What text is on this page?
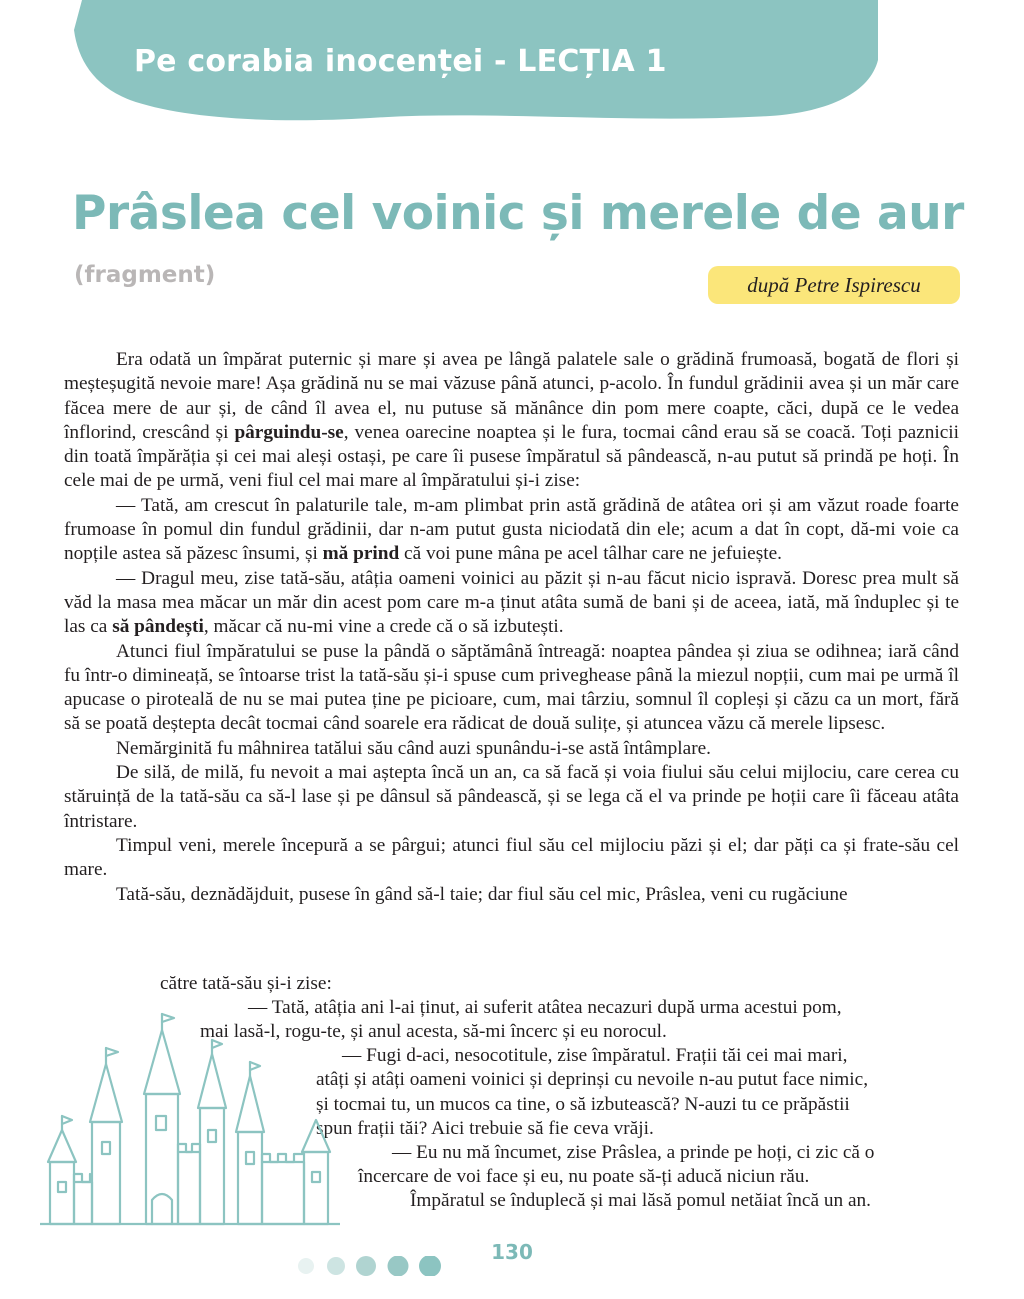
Pe corabia inocenței - LECȚIA 1
Prâslea cel voinic și merele de aur
(fragment)	după Petre Ispirescu

Era odată un împărat puternic și mare și avea pe lângă palatele sale o grădină frumoasă, bogată de flori și meșteșugită nevoie mare! Așa grădină nu se mai văzuse până atunci, p-acolo. În fundul grădinii avea și un măr care făcea mere de aur și, de când îl avea el, nu putuse să mănânce din pom mere coapte, căci, după ce le vedea înflorind, crescând și pârguindu-se, venea oarecine noaptea și le fura, tocmai când erau să se coacă. Toți paznicii din toată împărăția și cei mai aleși ostași, pe care îi pusese împăratul să pândească, n-au putut să prindă pe hoți. În cele mai de pe urmă, veni fiul cel mai mare al împăratului și-i zise:

— Tată, am crescut în palaturile tale, m-am plimbat prin astă grădină de atâtea ori și am văzut roade foarte frumoase în pomul din fundul grădinii, dar n-am putut gusta niciodată din ele; acum a dat în copt, dă-mi voie ca nopțile astea să păzesc însumi, și mă prind că voi pune mâna pe acel tâlhar care ne jefuiește.

— Dragul meu, zise tată-său, atâția oameni voinici au păzit și n-au făcut nicio ispravă. Doresc prea mult să văd la masa mea măcar un măr din acest pom care m-a ținut atâta sumă de bani și de aceea, iată, mă înduplec și te las ca să pândești, măcar că nu-mi vine a crede că o să izbutești.

Atunci fiul împăratului se puse la pândă o săptămână întreagă: noaptea pândea și ziua se odihnea; iară când fu într-o dimineață, se întoarse trist la tată-său și-i spuse cum priveghease până la miezul nopții, cum mai pe urmă îl apucase o piroteală de nu se mai putea ține pe picioare, cum, mai târziu, somnul îl copleși și căzu ca un mort, fără să se poată deștepta decât tocmai când soarele era rădicat de două sulițe, și atuncea văzu că merele lipsesc.

Nemărginită fu mâhnirea tatălui său când auzi spunându-i-se astă întâmplare.

De silă, de milă, fu nevoit a mai aștepta încă un an, ca să facă și voia fiului său celui mijlociu, care cerea cu stăruință de la tată-său ca să-l lase și pe dânsul să pândească, și se lega că el va prinde pe hoții care îi făceau atâta întristare.

Timpul veni, merele începură a se pârgui; atunci fiul său cel mijlociu păzi și el; dar păți ca și frate-său cel mare.

Tată-său, deznădăjduit, pusese în gând să-l taie; dar fiul său cel mic, Prâslea, veni cu rugăciune

către tată-său și-i zise:
— Tată, atâția ani l-ai ținut, ai suferit atâtea necazuri după urma acestui pom,
mai lasă-l, rogu-te, și anul acesta, să-mi încerc și eu norocul.
— Fugi d-aci, nesocotitule, zise împăratul. Frații tăi cei mai mari,
atâți și atâți oameni voinici și deprinși cu nevoile n-au putut face nimic,
și tocmai tu, un mucos ca tine, o să izbutească? N-auzi tu ce prăpăstii
spun frații tăi? Aici trebuie să fie ceva vrăji.
— Eu nu mă încumet, zise Prâslea, a prinde pe hoți, ci zic că o
încercare de voi face și eu, nu poate să-ți aducă niciun rău.
Împăratul se înduplecă și mai lăsă pomul netăiat încă un an.
130
